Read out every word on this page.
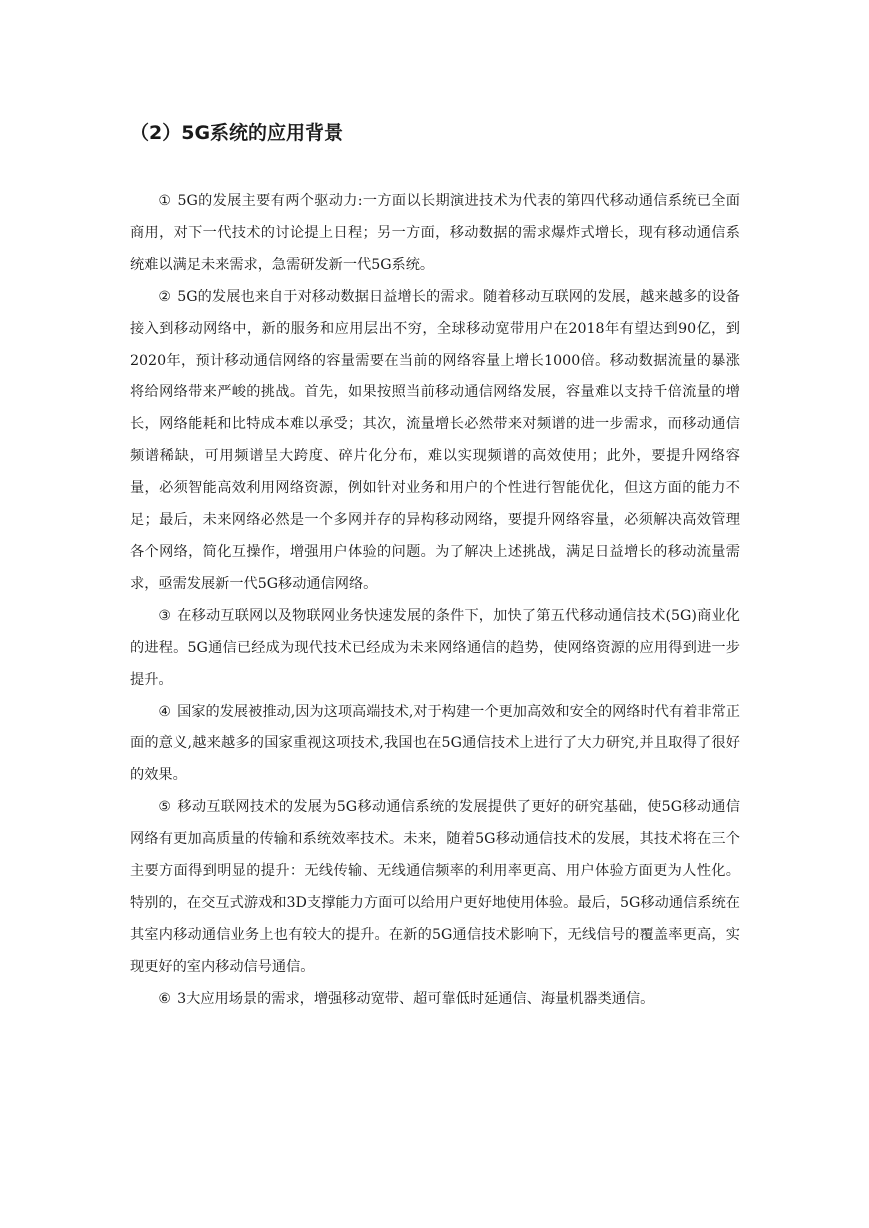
（2）5G系统的应用背景

① 5G的发展主要有两个驱动力:一方面以长期演进技术为代表的第四代移动通信系统已全面商用，对下一代技术的讨论提上日程；另一方面，移动数据的需求爆炸式增长，现有移动通信系统难以满足未来需求，急需研发新一代5G系统。

② 5G的发展也来自于对移动数据日益增长的需求。随着移动互联网的发展，越来越多的设备接入到移动网络中，新的服务和应用层出不穷，全球移动宽带用户在2018年有望达到90亿，到2020年，预计移动通信网络的容量需要在当前的网络容量上增长1000倍。移动数据流量的暴涨将给网络带来严峻的挑战。首先，如果按照当前移动通信网络发展，容量难以支持千倍流量的增长，网络能耗和比特成本难以承受；其次，流量增长必然带来对频谱的进一步需求，而移动通信频谱稀缺，可用频谱呈大跨度、碎片化分布，难以实现频谱的高效使用；此外，要提升网络容量，必须智能高效利用网络资源，例如针对业务和用户的个性进行智能优化，但这方面的能力不足；最后，未来网络必然是一个多网并存的异构移动网络，要提升网络容量，必须解决高效管理各个网络，简化互操作，增强用户体验的问题。为了解决上述挑战，满足日益增长的移动流量需求，亟需发展新一代5G移动通信网络。

③ 在移动互联网以及物联网业务快速发展的条件下，加快了第五代移动通信技术(5G)商业化的进程。5G通信已经成为现代技术已经成为未来网络通信的趋势，使网络资源的应用得到进一步提升。

④ 国家的发展被推动,因为这项高端技术,对于构建一个更加高效和安全的网络时代有着非常正面的意义,越来越多的国家重视这项技术,我国也在5G通信技术上进行了大力研究,并且取得了很好的效果。

⑤ 移动互联网技术的发展为5G移动通信系统的发展提供了更好的研究基础，使5G移动通信网络有更加高质量的传输和系统效率技术。未来，随着5G移动通信技术的发展，其技术将在三个主要方面得到明显的提升：无线传输、无线通信频率的利用率更高、用户体验方面更为人性化。特别的，在交互式游戏和3D支撑能力方面可以给用户更好地使用体验。最后，5G移动通信系统在其室内移动通信业务上也有较大的提升。在新的5G通信技术影响下，无线信号的覆盖率更高，实现更好的室内移动信号通信。

⑥ 3大应用场景的需求，增强移动宽带、超可靠低时延通信、海量机器类通信。
